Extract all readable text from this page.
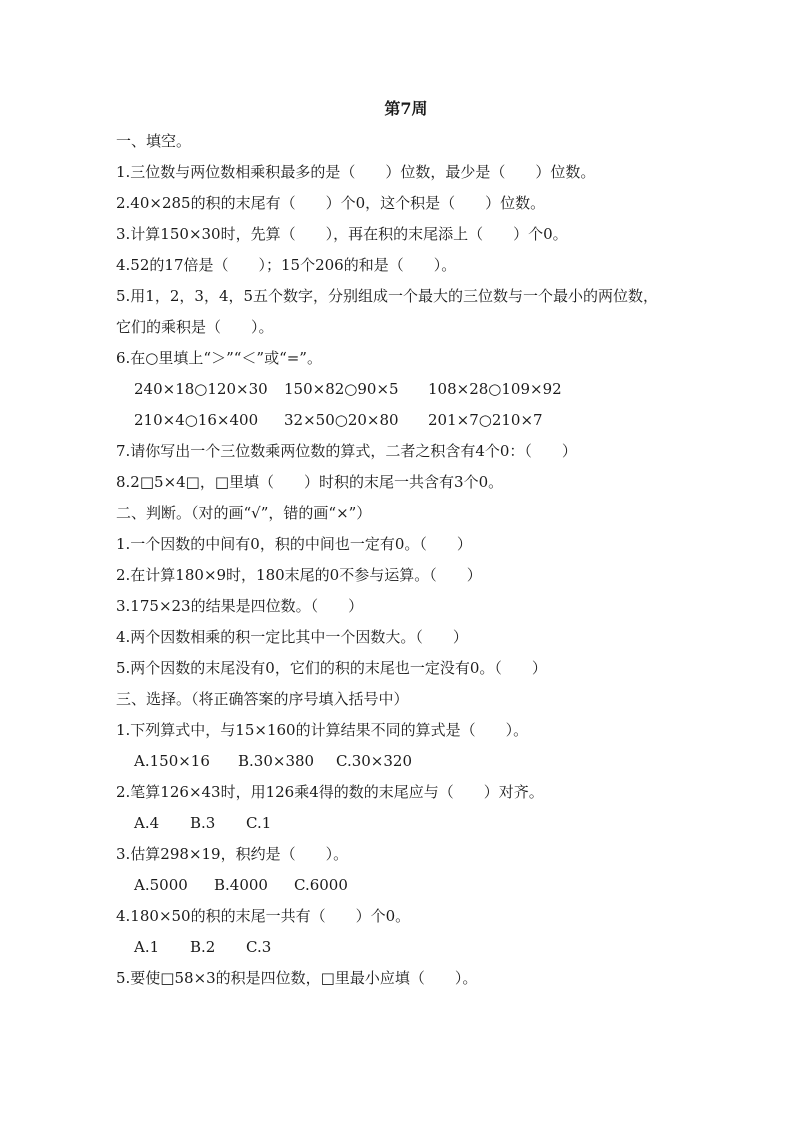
第7周
一、填空。
1.三位数与两位数相乘积最多的是（　　）位数，最少是（　　）位数。
2.40×285的积的末尾有（　　）个0，这个积是（　　）位数。
3.计算150×30时，先算（　　），再在积的末尾添上（　　）个0。
4.52的17倍是（　　）；15个206的和是（　　）。
5.用1，2，3，4，5五个数字，分别组成一个最大的三位数与一个最小的两位数，
它们的乘积是（　　）。
6.在○里填上“＞”“＜”或“=”。
240×18○120×30 150×82○90×5 108×28○109×92
210×4○16×400 32×50○20×80 201×7○210×7
7.请你写出一个三位数乘两位数的算式，二者之积含有4个0：（　　）
8.2□5×4□，□里填（　　）时积的末尾一共含有3个0。
二、判断。（对的画“√”，错的画“×”）
1.一个因数的中间有0，积的中间也一定有0。（　　）
2.在计算180×9时，180末尾的0不参与运算。（　　）
3.175×23的结果是四位数。（　　）
4.两个因数相乘的积一定比其中一个因数大。（　　）
5.两个因数的末尾没有0，它们的积的末尾也一定没有0。（　　）
三、选择。（将正确答案的序号填入括号中）
1.下列算式中，与15×160的计算结果不同的算式是（　　）。
A.150×16 B.30×380 C.30×320
2.笔算126×43时，用126乘4得的数的末尾应与（　　）对齐。
A.4 B.3 C.1
3.估算298×19，积约是（　　）。
A.5000 B.4000 C.6000
4.180×50的积的末尾一共有（　　）个0。
A.1 B.2 C.3
5.要使□58×3的积是四位数，□里最小应填（　　）。
